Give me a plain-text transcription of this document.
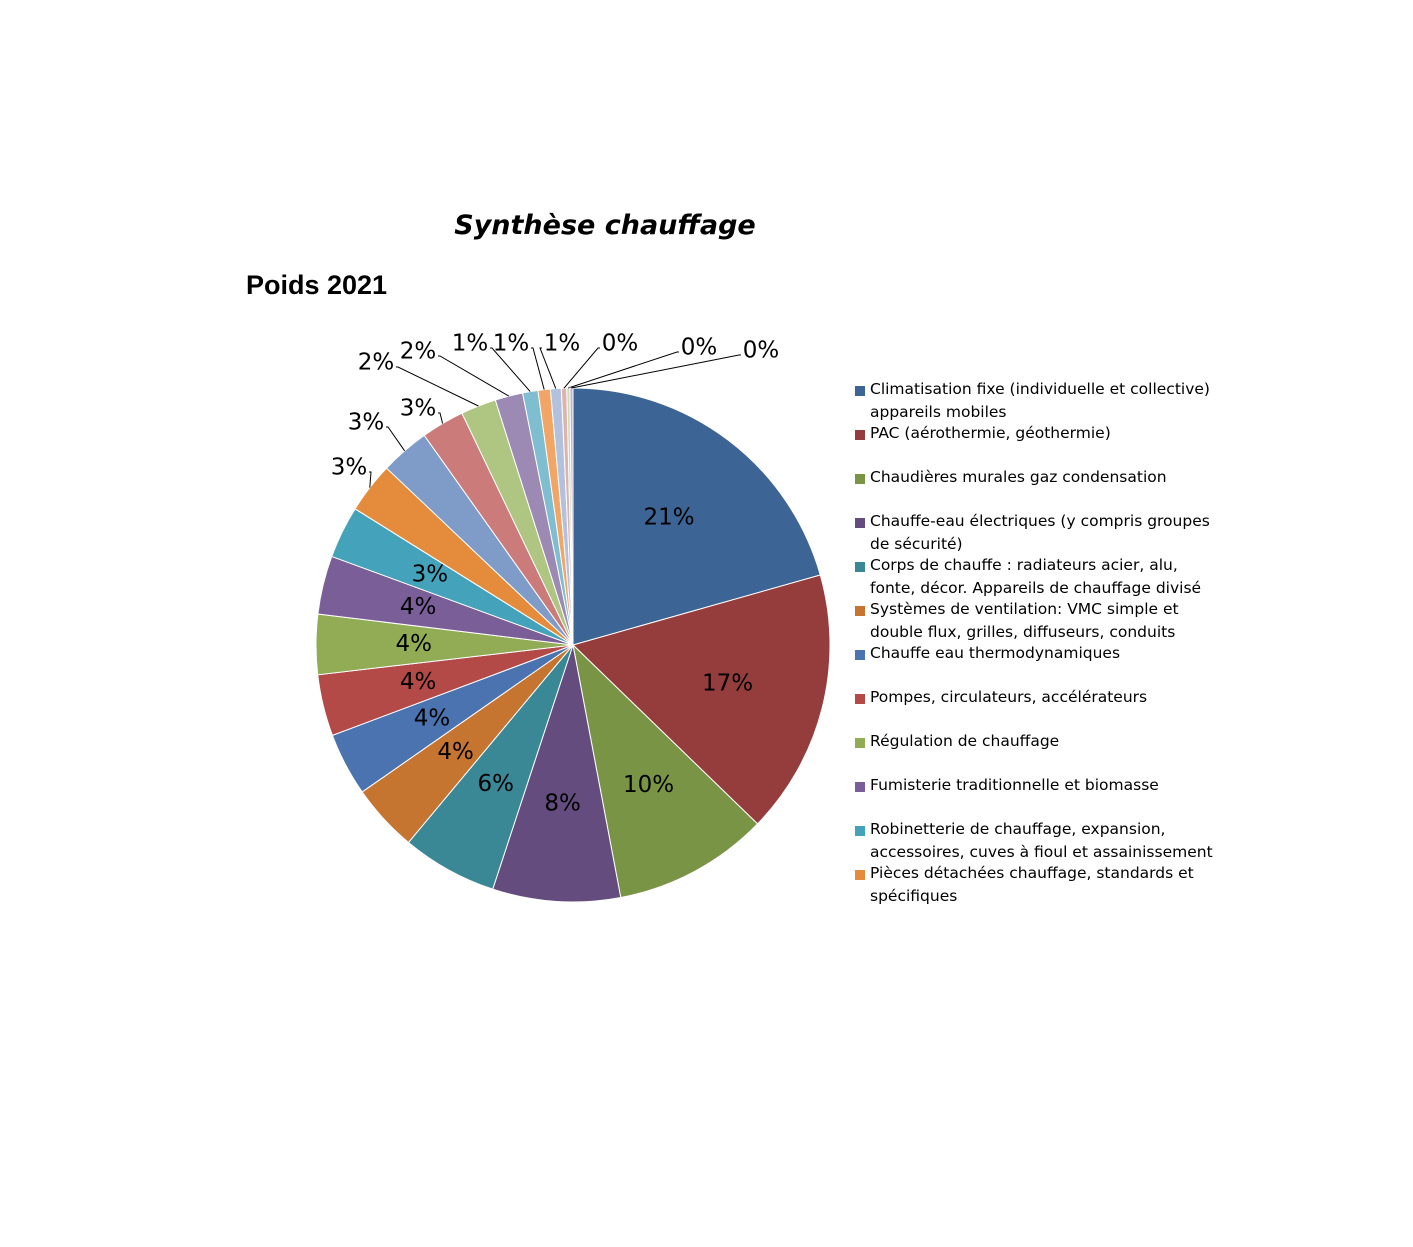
Synthèse chauffage
Poids 2021
21%
17%
10%
8%
6%
4%
4%
4%
4%
4%
3%
3%
3%
3%
2% 2% 1% 1% 1% 0% 0% 0%
Climatisation fixe (individuelle et collective) appareils mobiles
PAC (aérothermie, géothermie)
Chaudières murales gaz condensation
Chauffe-eau électriques (y compris groupes de sécurité)
Corps de chauffe : radiateurs acier, alu, fonte, décor. Appareils de chauffage divisé
Systèmes de ventilation: VMC simple et double flux, grilles, diffuseurs, conduits
Chauffe eau thermodynamiques
Pompes, circulateurs, accélérateurs
Régulation de chauffage
Fumisterie traditionnelle et biomasse
Robinetterie de chauffage, expansion, accessoires, cuves à fioul et assainissement
Pièces détachées chauffage, standards et spécifiques
